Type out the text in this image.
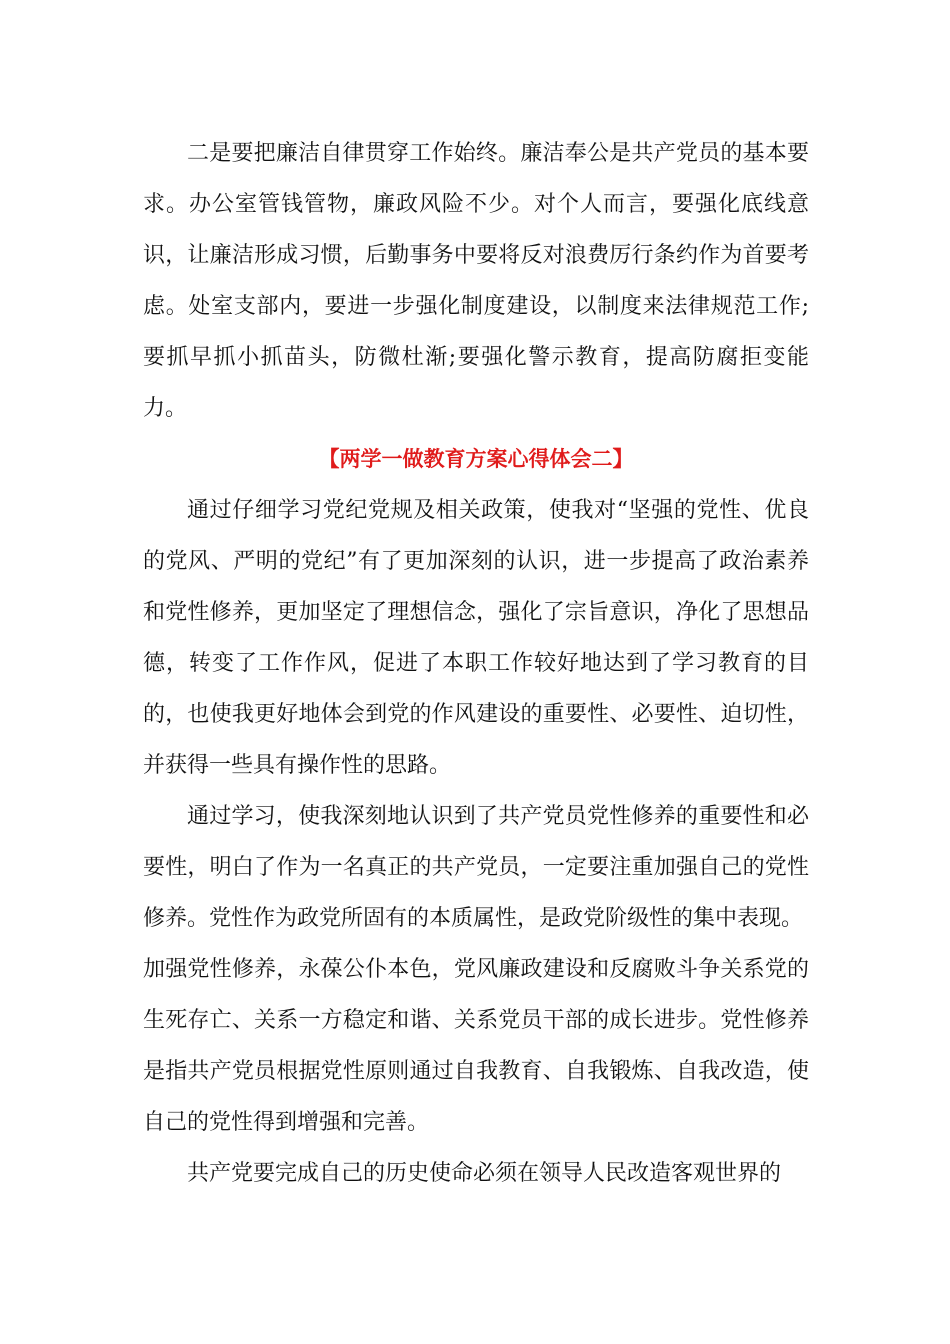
二是要把廉洁自律贯穿工作始终。廉洁奉公是共产党员的基本要求。办公室管钱管物，廉政风险不少。对个人而言，要强化底线意识，让廉洁形成习惯，后勤事务中要将反对浪费厉行条约作为首要考虑。处室支部内，要进一步强化制度建设，以制度来法律规范工作;要抓早抓小抓苗头，防微杜渐;要强化警示教育，提高防腐拒变能力。

【两学一做教育方案心得体会二】

通过仔细学习党纪党规及相关政策，使我对“坚强的党性、优良的党风、严明的党纪”有了更加深刻的认识，进一步提高了政治素养和党性修养，更加坚定了理想信念，强化了宗旨意识，净化了思想品德，转变了工作作风，促进了本职工作较好地达到了学习教育的目的，也使我更好地体会到党的作风建设的重要性、必要性、迫切性，并获得一些具有操作性的思路。

通过学习，使我深刻地认识到了共产党员党性修养的重要性和必要性，明白了作为一名真正的共产党员，一定要注重加强自己的党性修养。党性作为政党所固有的本质属性，是政党阶级性的集中表现。

加强党性修养，永葆公仆本色，党风廉政建设和反腐败斗争关系党的生死存亡、关系一方稳定和谐、关系党员干部的成长进步。党性修养是指共产党员根据党性原则通过自我教育、自我锻炼、自我改造，使自己的党性得到增强和完善。

共产党要完成自己的历史使命必须在领导人民改造客观世界的
